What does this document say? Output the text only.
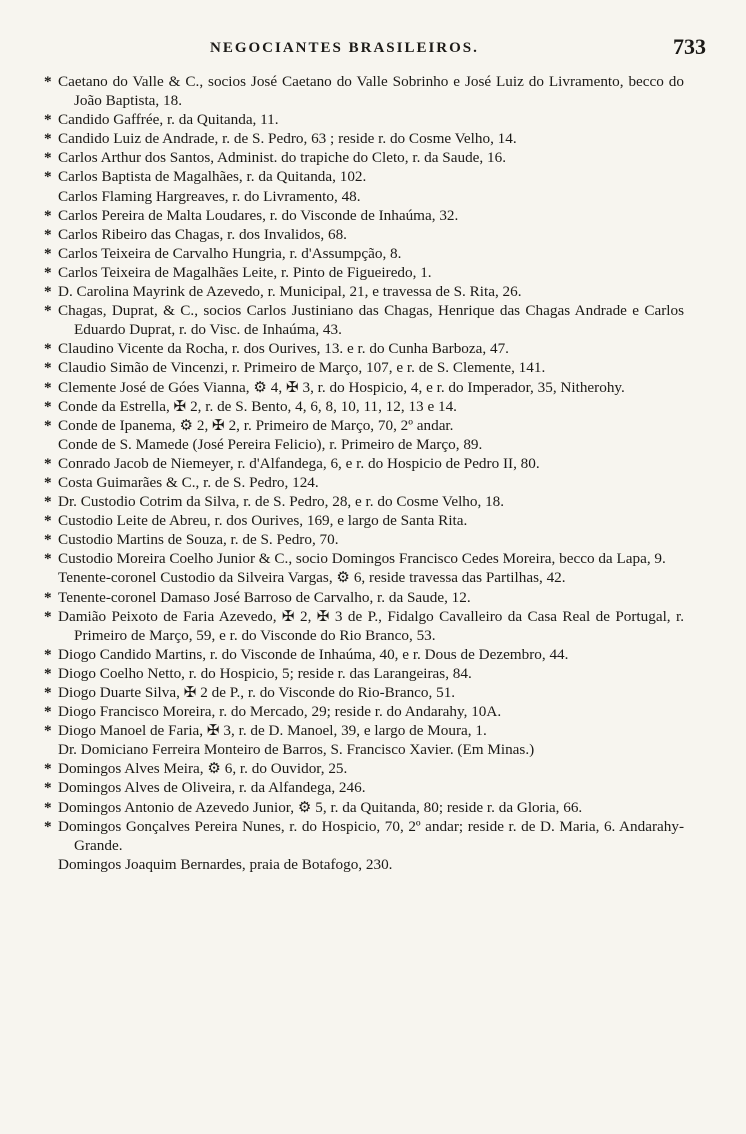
NEGOCIANTES BRASILEIROS.	733
* Caetano do Valle & C., socios José Caetano do Valle Sobrinho e José Luiz do Livramento, becco do João Baptista, 18.
* Candido Gaffrée, r. da Quitanda, 11.
* Candido Luiz de Andrade, r. de S. Pedro, 63 ; reside r. do Cosme Velho, 14.
* Carlos Arthur dos Santos, Administ. do trapiche do Cleto, r. da Saude, 16.
* Carlos Baptista de Magalhães, r. da Quitanda, 102.
Carlos Flaming Hargreaves, r. do Livramento, 48.
* Carlos Pereira de Malta Loudares, r. do Visconde de Inhaúma, 32.
* Carlos Ribeiro das Chagas, r. dos Invalidos, 68.
* Carlos Teixeira de Carvalho Hungria, r. d'Assumpção, 8.
* Carlos Teixeira de Magalhães Leite, r. Pinto de Figueiredo, 1.
* D. Carolina Mayrink de Azevedo, r. Municipal, 21, e travessa de S. Rita, 26.
* Chagas, Duprat, & C., socios Carlos Justiniano das Chagas, Henrique das Chagas Andrade e Carlos Eduardo Duprat, r. do Visc. de Inhaúma, 43.
* Claudino Vicente da Rocha, r. dos Ourives, 13. e r. do Cunha Barboza, 47.
* Claudio Simão de Vincenzi, r. Primeiro de Março, 107, e r. de S. Clemente, 141.
* Clemente José de Góes Vianna, ⚙ 4, ✠ 3, r. do Hospicio, 4, e r. do Imperador, 35, Nitherohy.
* Conde da Estrella, ✠ 2, r. de S. Bento, 4, 6, 8, 10, 11, 12, 13 e 14.
* Conde de Ipanema, ⚙ 2, ✠ 2, r. Primeiro de Março, 70, 2º andar.
Conde de S. Mamede (José Pereira Felicio), r. Primeiro de Março, 89.
* Conrado Jacob de Niemeyer, r. d'Alfandega, 6, e r. do Hospicio de Pedro II, 80.
* Costa Guimarães & C., r. de S. Pedro, 124.
* Dr. Custodio Cotrim da Silva, r. de S. Pedro, 28, e r. do Cosme Velho, 18.
* Custodio Leite de Abreu, r. dos Ourives, 169, e largo de Santa Rita.
* Custodio Martins de Souza, r. de S. Pedro, 70.
* Custodio Moreira Coelho Junior & C., socio Domingos Francisco Cedes Moreira, becco da Lapa, 9.
Tenente-coronel Custodio da Silveira Vargas, ⚙ 6, reside travessa das Partilhas, 42.
* Tenente-coronel Damaso José Barroso de Carvalho, r. da Saude, 12.
* Damião Peixoto de Faria Azevedo, ✠ 2, ✠ 3 de P., Fidalgo Cavalleiro da Casa Real de Portugal, r. Primeiro de Março, 59, e r. do Visconde do Rio Branco, 53.
* Diogo Candido Martins, r. do Visconde de Inhaúma, 40, e r. Dous de Dezembro, 44.
* Diogo Coelho Netto, r. do Hospicio, 5; reside r. das Larangeiras, 84.
* Diogo Duarte Silva, ✠ 2 de P., r. do Visconde do Rio-Branco, 51.
* Diogo Francisco Moreira, r. do Mercado, 29; reside r. do Andarahy, 10A.
* Diogo Manoel de Faria, ✠ 3, r. de D. Manoel, 39, e largo de Moura, 1.
Dr. Domiciano Ferreira Monteiro de Barros, S. Francisco Xavier. (Em Minas.)
* Domingos Alves Meira, ⚙ 6, r. do Ouvidor, 25.
* Domingos Alves de Oliveira, r. da Alfandega, 246.
* Domingos Antonio de Azevedo Junior, ⚙ 5, r. da Quitanda, 80; reside r. da Gloria, 66.
* Domingos Gonçalves Pereira Nunes, r. do Hospicio, 70, 2º andar; reside r. de D. Maria, 6. Andarahy-Grande.
Domingos Joaquim Bernardes, praia de Botafogo, 230.
